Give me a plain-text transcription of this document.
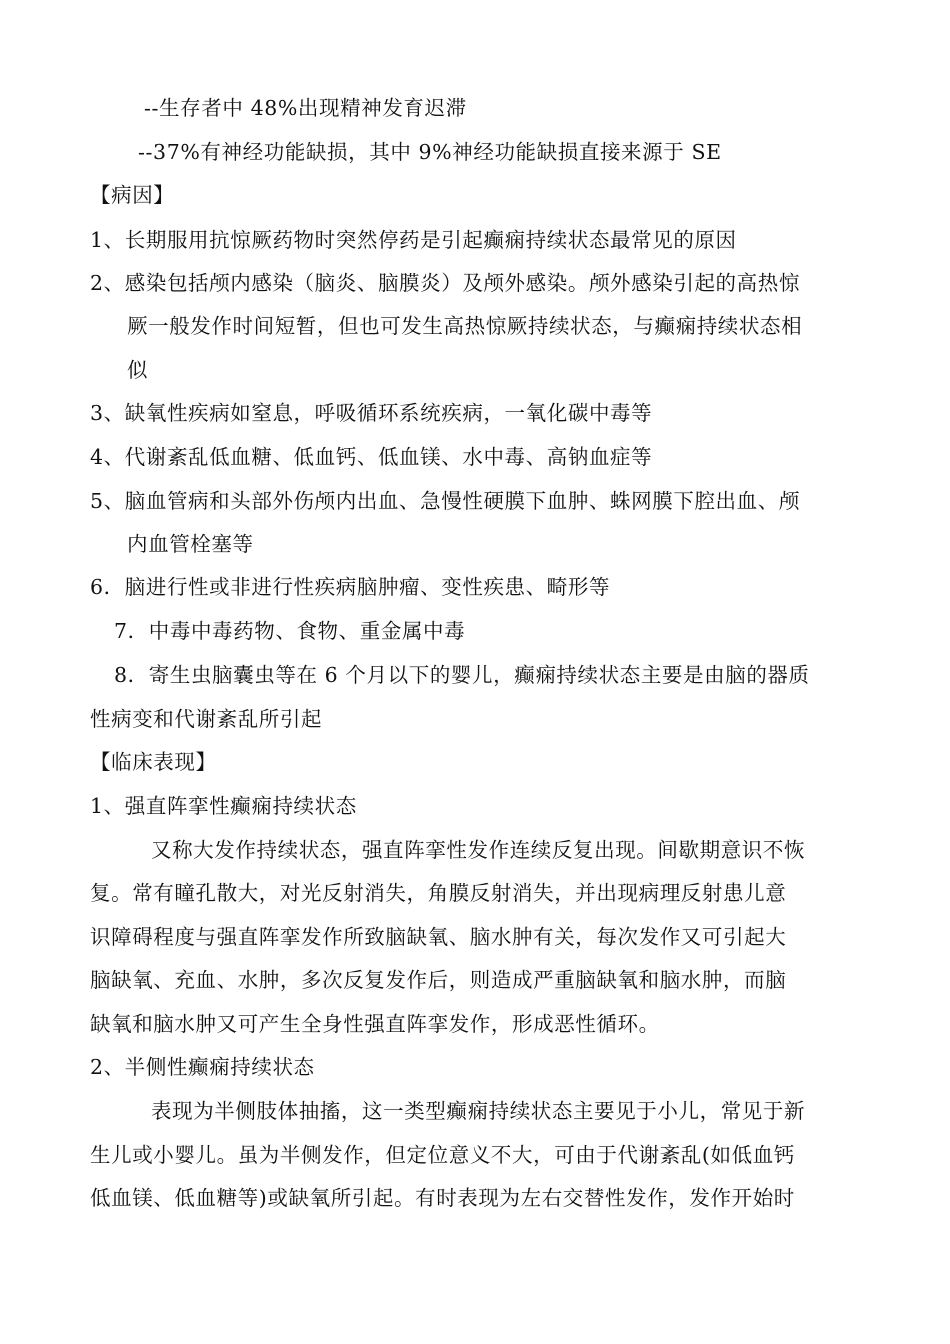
--生存者中 48%出现精神发育迟滞
--37%有神经功能缺损，其中 9%神经功能缺损直接来源于 SE
【病因】
1、长期服用抗惊厥药物时突然停药是引起癫痫持续状态最常见的原因
2、感染包括颅内感染（脑炎、脑膜炎）及颅外感染。颅外感染引起的高热惊
厥一般发作时间短暂，但也可发生高热惊厥持续状态，与癫痫持续状态相
似
3、缺氧性疾病如窒息，呼吸循环系统疾病，一氧化碳中毒等
4、代谢紊乱低血糖、低血钙、低血镁、水中毒、高钠血症等
5、脑血管病和头部外伤颅内出血、急慢性硬膜下血肿、蛛网膜下腔出血、颅
内血管栓塞等
6．脑进行性或非进行性疾病脑肿瘤、变性疾患、畸形等
7．中毒中毒药物、食物、重金属中毒
8．寄生虫脑囊虫等在 6 个月以下的婴儿，癫痫持续状态主要是由脑的器质
性病变和代谢紊乱所引起
【临床表现】
1、强直阵挛性癫痫持续状态
又称大发作持续状态，强直阵挛性发作连续反复出现。间歇期意识不恢
复。常有瞳孔散大，对光反射消失，角膜反射消失，并出现病理反射患儿意
识障碍程度与强直阵挛发作所致脑缺氧、脑水肿有关，每次发作又可引起大
脑缺氧、充血、水肿，多次反复发作后，则造成严重脑缺氧和脑水肿，而脑
缺氧和脑水肿又可产生全身性强直阵挛发作，形成恶性循环。
2、半侧性癫痫持续状态
表现为半侧肢体抽搐，这一类型癫痫持续状态主要见于小儿，常见于新
生儿或小婴儿。虽为半侧发作，但定位意义不大，可由于代谢紊乱(如低血钙
低血镁、低血糖等)或缺氧所引起。有时表现为左右交替性发作，发作开始时
